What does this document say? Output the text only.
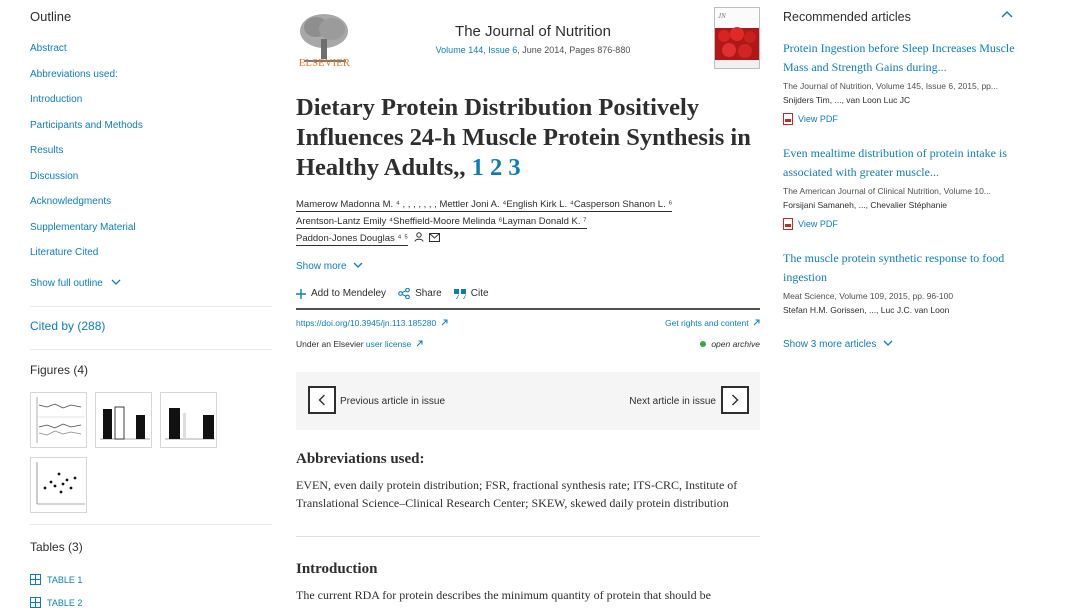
Outline
Abstract
Abbreviations used:
Introduction
Participants and Methods
Results
Discussion
Acknowledgments
Supplementary Material
Literature Cited
Show full outline
Cited by (288)
Figures (4)
Tables (3)
TABLE 1
TABLE 2
ELSEVIER
The Journal of Nutrition
Volume 144, Issue 6, June 2014, Pages 876-880
JN
Dietary Protein Distribution Positively Influences 24-h Muscle Protein Synthesis in Healthy Adults,, 1 2 3
Mamerow Madonna M. ⁴ , , , , , , , Mettler Joni A. ⁴English Kirk L. ⁴Casperson Shanon L. ⁶
Arentson-Lantz Emily ⁴Sheffield-Moore Melinda ⁶Layman Donald K. ⁷
Paddon-Jones Douglas ⁴ ⁵
Show more
Add to Mendeley	Share	Cite
https://doi.org/10.3945/jn.113.185280	Get rights and content
Under an Elsevier user license	open archive
Previous article in issue	Next article in issue
Abbreviations used:

EVEN, even daily protein distribution; FSR, fractional synthesis rate; ITS-CRC, Institute of Translational Science–Clinical Research Center; SKEW, skewed daily protein distribution

Introduction

The current RDA for protein describes the minimum quantity of protein that should be

Recommended articles
Protein Ingestion before Sleep Increases Muscle Mass and Strength Gains during...
The Journal of Nutrition, Volume 145, Issue 6, 2015, pp...
Snijders Tim, ..., van Loon Luc JC
View PDF
Even mealtime distribution of protein intake is associated with greater muscle...
The American Journal of Clinical Nutrition, Volume 10...
Forsijani Samaneh, ..., Chevalier Stéphanie
View PDF
The muscle protein synthetic response to food ingestion
Meat Science, Volume 109, 2015, pp. 96-100
Stefan H.M. Gorissen, ..., Luc J.C. van Loon
Show 3 more articles
